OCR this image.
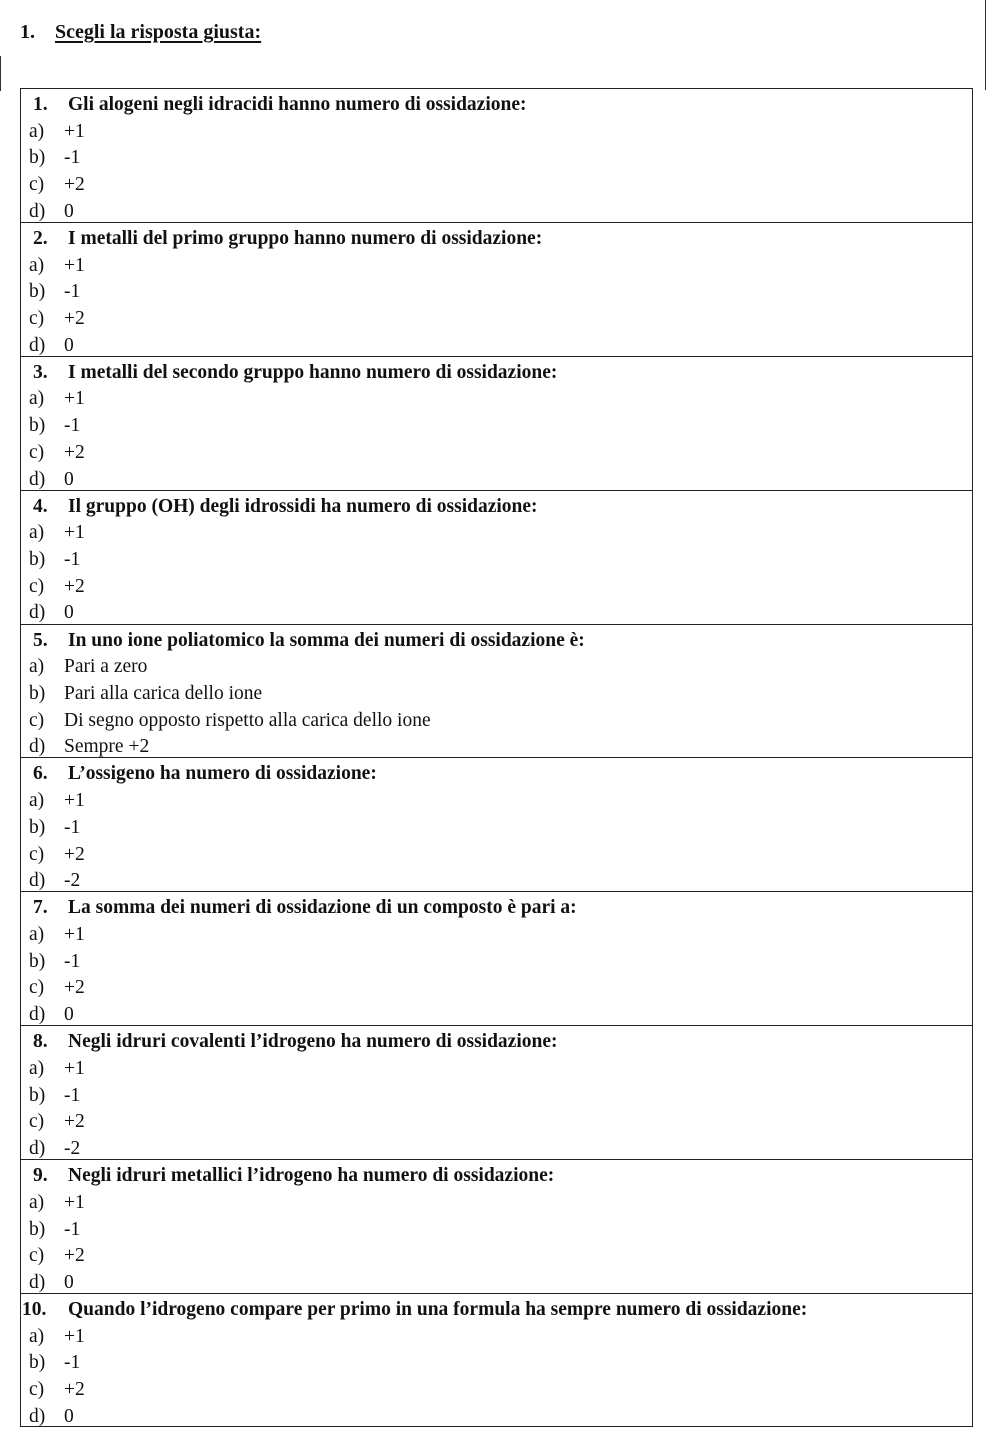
1. Scegli la risposta giusta:
1. Gli alogeni negli idracidi hanno numero di ossidazione:
a) +1
b) -1
c) +2
d) 0
2. I metalli del primo gruppo hanno numero di ossidazione:
a) +1
b) -1
c) +2
d) 0
3. I metalli del secondo gruppo hanno numero di ossidazione:
a) +1
b) -1
c) +2
d) 0
4. Il gruppo (OH) degli idrossidi ha numero di ossidazione:
a) +1
b) -1
c) +2
d) 0
5. In uno ione poliatomico la somma dei numeri di ossidazione è:
a) Pari a zero
b) Pari alla carica dello ione
c) Di segno opposto rispetto alla carica dello ione
d) Sempre +2
6. L’ossigeno ha numero di ossidazione:
a) +1
b) -1
c) +2
d) -2
7. La somma dei numeri di ossidazione di un composto è pari a:
a) +1
b) -1
c) +2
d) 0
8. Negli idruri covalenti l’idrogeno ha numero di ossidazione:
a) +1
b) -1
c) +2
d) -2
9. Negli idruri metallici l’idrogeno ha numero di ossidazione:
a) +1
b) -1
c) +2
d) 0
10. Quando l’idrogeno compare per primo in una formula ha sempre numero di ossidazione:
a) +1
b) -1
c) +2
d) 0
